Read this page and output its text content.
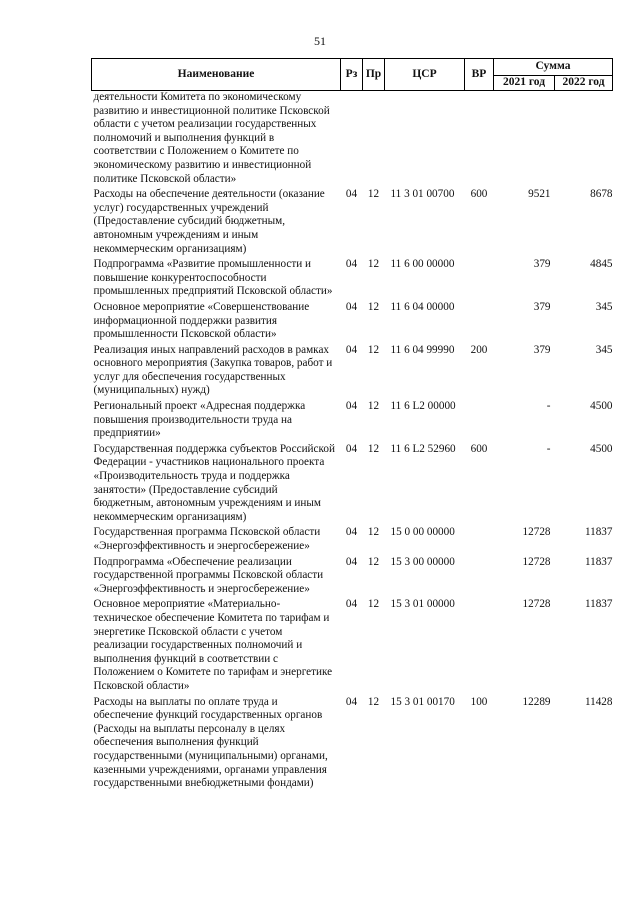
51
Наименование	Рз	Пр	ЦСР	ВР	Сумма	
					2021 год	2022 год
деятельности Комитета по экономическому развитию и инвестиционной политике Псковской области с учетом реализации государственных полномочий и выполнения функций в соответствии с Положением о Комитете по экономическому развитию и инвестиционной политике Псковской области»						
Расходы на обеспечение деятельности (оказание услуг) государственных учреждений (Предоставление субсидий бюджетным, автономным учреждениям и иным некоммерческим организациям)	04	12	11 3 01 00700	600	9521	8678
Подпрограмма «Развитие промышленности и повышение конкурентоспособности промышленных предприятий Псковской области»	04	12	11 6 00 00000		379	4845
Основное мероприятие «Совершенствование информационной поддержки развития промышленности Псковской области»	04	12	11 6 04 00000		379	345
Реализация иных направлений расходов в рамках основного мероприятия (Закупка товаров, работ и услуг для обеспечения государственных (муниципальных) нужд)	04	12	11 6 04 99990	200	379	345
Региональный проект «Адресная поддержка повышения производительности труда на предприятии»	04	12	11 6 L2 00000		-	4500
Государственная поддержка субъектов Российской Федерации - участников национального проекта «Производительность труда и поддержка занятости» (Предоставление субсидий бюджетным, автономным учреждениям и иным некоммерческим организациям)	04	12	11 6 L2 52960	600	-	4500
Государственная программа Псковской области «Энергоэффективность и энергосбережение»	04	12	15 0 00 00000		12728	11837
Подпрограмма «Обеспечение реализации государственной программы Псковской области «Энергоэффективность и энергосбережение»	04	12	15 3 00 00000		12728	11837
Основное мероприятие «Материально-техническое обеспечение Комитета по тарифам и энергетике Псковской области с учетом реализации государственных полномочий и выполнения функций в соответствии с Положением о Комитете по тарифам и энергетике Псковской области»	04	12	15 3 01 00000		12728	11837
Расходы на выплаты по оплате труда и обеспечение функций государственных органов (Расходы на выплаты персоналу в целях обеспечения выполнения функций государственными (муниципальными) органами, казенными учреждениями, органами управления государственными внебюджетными фондами)	04	12	15 3 01 00170	100	12289	11428
